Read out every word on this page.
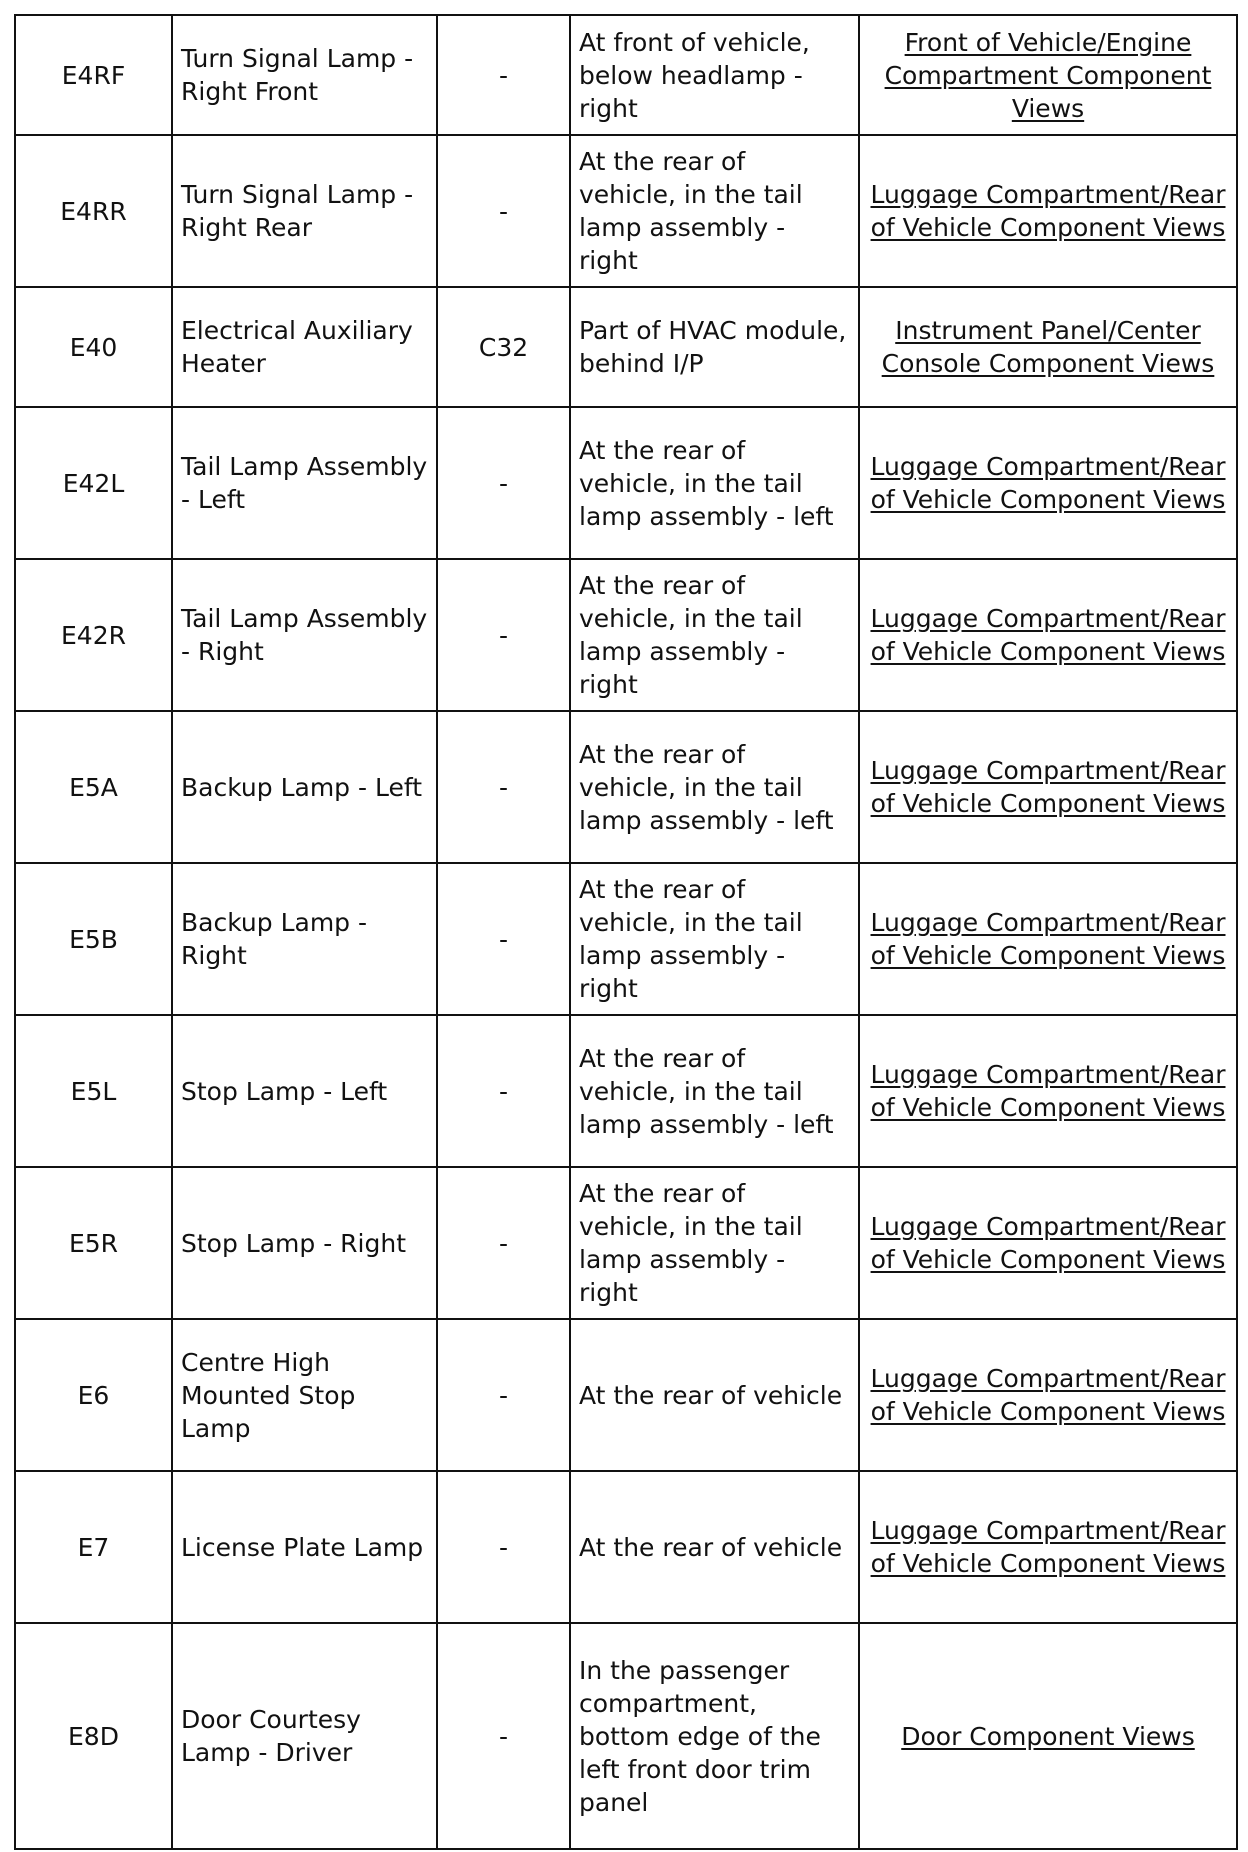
E4RF	Turn Signal Lamp - Right Front	-	At front of vehicle, below headlamp - right	Front of Vehicle/Engine Compartment Component Views
E4RR	Turn Signal Lamp - Right Rear	-	At the rear of vehicle, in the tail lamp assembly - right	Luggage Compartment/Rear of Vehicle Component Views
E40	Electrical Auxiliary Heater	C32	Part of HVAC module, behind I/P	Instrument Panel/Center Console Component Views
E42L	Tail Lamp Assembly - Left	-	At the rear of vehicle, in the tail lamp assembly - left	Luggage Compartment/Rear of Vehicle Component Views
E42R	Tail Lamp Assembly - Right	-	At the rear of vehicle, in the tail lamp assembly - right	Luggage Compartment/Rear of Vehicle Component Views
E5A	Backup Lamp - Left	-	At the rear of vehicle, in the tail lamp assembly - left	Luggage Compartment/Rear of Vehicle Component Views
E5B	Backup Lamp - Right	-	At the rear of vehicle, in the tail lamp assembly - right	Luggage Compartment/Rear of Vehicle Component Views
E5L	Stop Lamp - Left	-	At the rear of vehicle, in the tail lamp assembly - left	Luggage Compartment/Rear of Vehicle Component Views
E5R	Stop Lamp - Right	-	At the rear of vehicle, in the tail lamp assembly - right	Luggage Compartment/Rear of Vehicle Component Views
E6	Centre High Mounted Stop Lamp	-	At the rear of vehicle	Luggage Compartment/Rear of Vehicle Component Views
E7	License Plate Lamp	-	At the rear of vehicle	Luggage Compartment/Rear of Vehicle Component Views
E8D	Door Courtesy Lamp - Driver	-	In the passenger compartment, bottom edge of the left front door trim panel	Door Component Views
